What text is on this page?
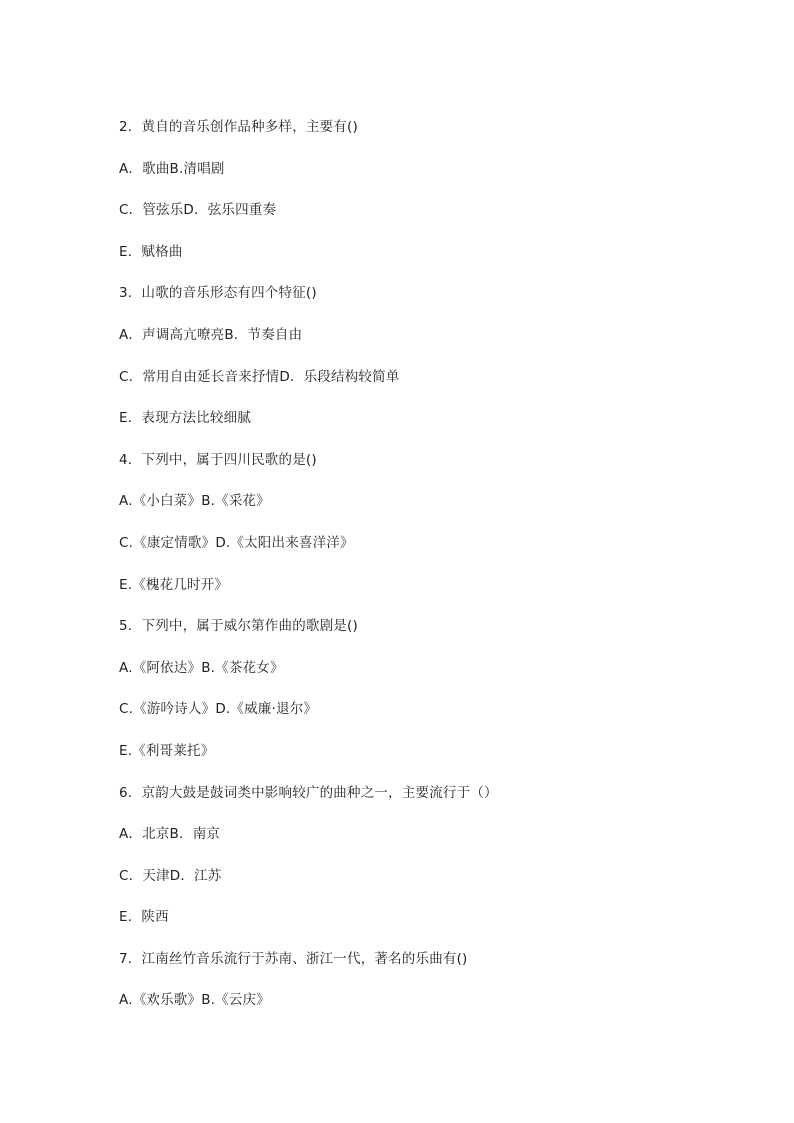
2．黄自的音乐创作品种多样，主要有()
A．歌曲B.清唱剧
C．管弦乐D．弦乐四重奏
E．赋格曲
3．山歌的音乐形态有四个特征()
A．声调高亢嘹亮B．节奏自由
C．常用自由延长音来抒情D．乐段结构较简单
E．表现方法比较细腻
4．下列中，属于四川民歌的是()
A.《小白菜》B.《采花》
C.《康定情歌》D.《太阳出来喜洋洋》
E.《槐花几时开》
5．下列中，属于威尔第作曲的歌剧是()
A.《阿依达》B.《茶花女》
C.《游吟诗人》D.《威廉·退尔》
E.《利哥莱托》
6．京韵大鼓是鼓词类中影响较广的曲种之一，主要流行于（）
A．北京B．南京
C．天津D．江苏
E．陕西
7．江南丝竹音乐流行于苏南、浙江一代，著名的乐曲有()
A.《欢乐歌》B.《云庆》
